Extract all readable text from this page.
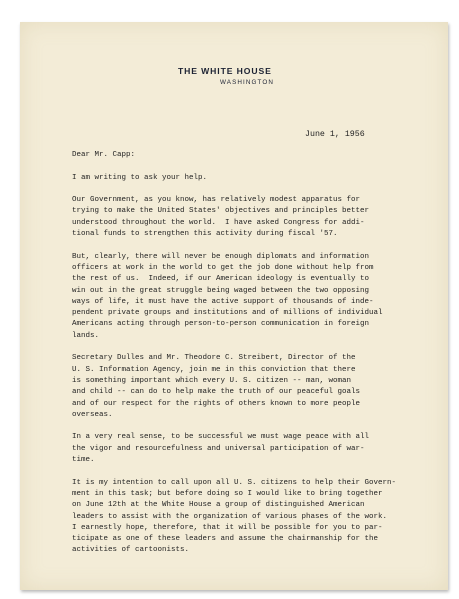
THE WHITE HOUSE
WASHINGTON
June 1, 1956

Dear Mr. Capp:

I am writing to ask your help.

Our Government, as you know, has relatively modest apparatus for
trying to make the United States' objectives and principles better
understood throughout the world.  I have asked Congress for addi-
tional funds to strengthen this activity during fiscal '57.

But, clearly, there will never be enough diplomats and information
officers at work in the world to get the job done without help from
the rest of us.  Indeed, if our American ideology is eventually to
win out in the great struggle being waged between the two opposing
ways of life, it must have the active support of thousands of inde-
pendent private groups and institutions and of millions of individual
Americans acting through person-to-person communication in foreign
lands.

Secretary Dulles and Mr. Theodore C. Streibert, Director of the
U. S. Information Agency, join me in this conviction that there
is something important which every U. S. citizen -- man, woman
and child -- can do to help make the truth of our peaceful goals
and of our respect for the rights of others known to more people
overseas.

In a very real sense, to be successful we must wage peace with all
the vigor and resourcefulness and universal participation of war-
time.

It is my intention to call upon all U. S. citizens to help their Govern-
ment in this task; but before doing so I would like to bring together
on June 12th at the White House a group of distinguished American
leaders to assist with the organization of various phases of the work.
I earnestly hope, therefore, that it will be possible for you to par-
ticipate as one of these leaders and assume the chairmanship for the
activities of cartoonists.
